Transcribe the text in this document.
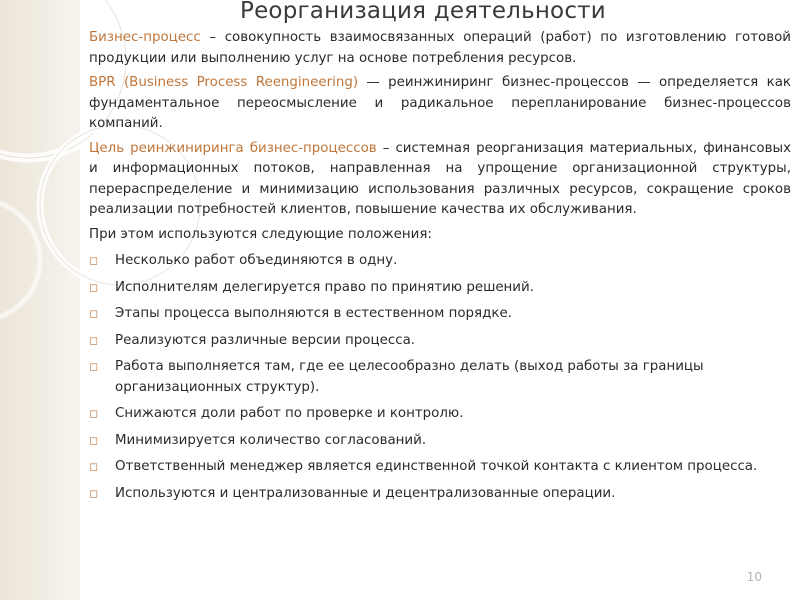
Реорганизация деятельности

Бизнес-процесс – совокупность взаимосвязанных операций (работ) по изготовлению готовой продукции или выполнению услуг на основе потребления ресурсов.

BPR (Business Process Reengineering) — реинжиниринг бизнес-процессов — определяется как фундаментальное переосмысление и радикальное перепланирование бизнес-процессов компаний.

Цель реинжиниринга бизнес-процессов – системная реорганизация материальных, финансовых и информационных потоков, направленная на упрощение организационной структуры, перераспределение и минимизацию использования различных ресурсов, сокращение сроков реализации потребностей клиентов, повышение качества их обслуживания.

При этом используются следующие положения:

◻ Несколько работ объединяются в одну.
◻ Исполнителям делегируется право по принятию решений.
◻ Этапы процесса выполняются в естественном порядке.
◻ Реализуются различные версии процесса.
◻ Работа выполняется там, где ее целесообразно делать (выход работы за границы организационных структур).
◻ Снижаются доли работ по проверке и контролю.
◻ Минимизируется количество согласований.
◻ Ответственный менеджер является единственной точкой контакта с клиентом процесса.
◻ Используются и централизованные и децентрализованные операции.
10
